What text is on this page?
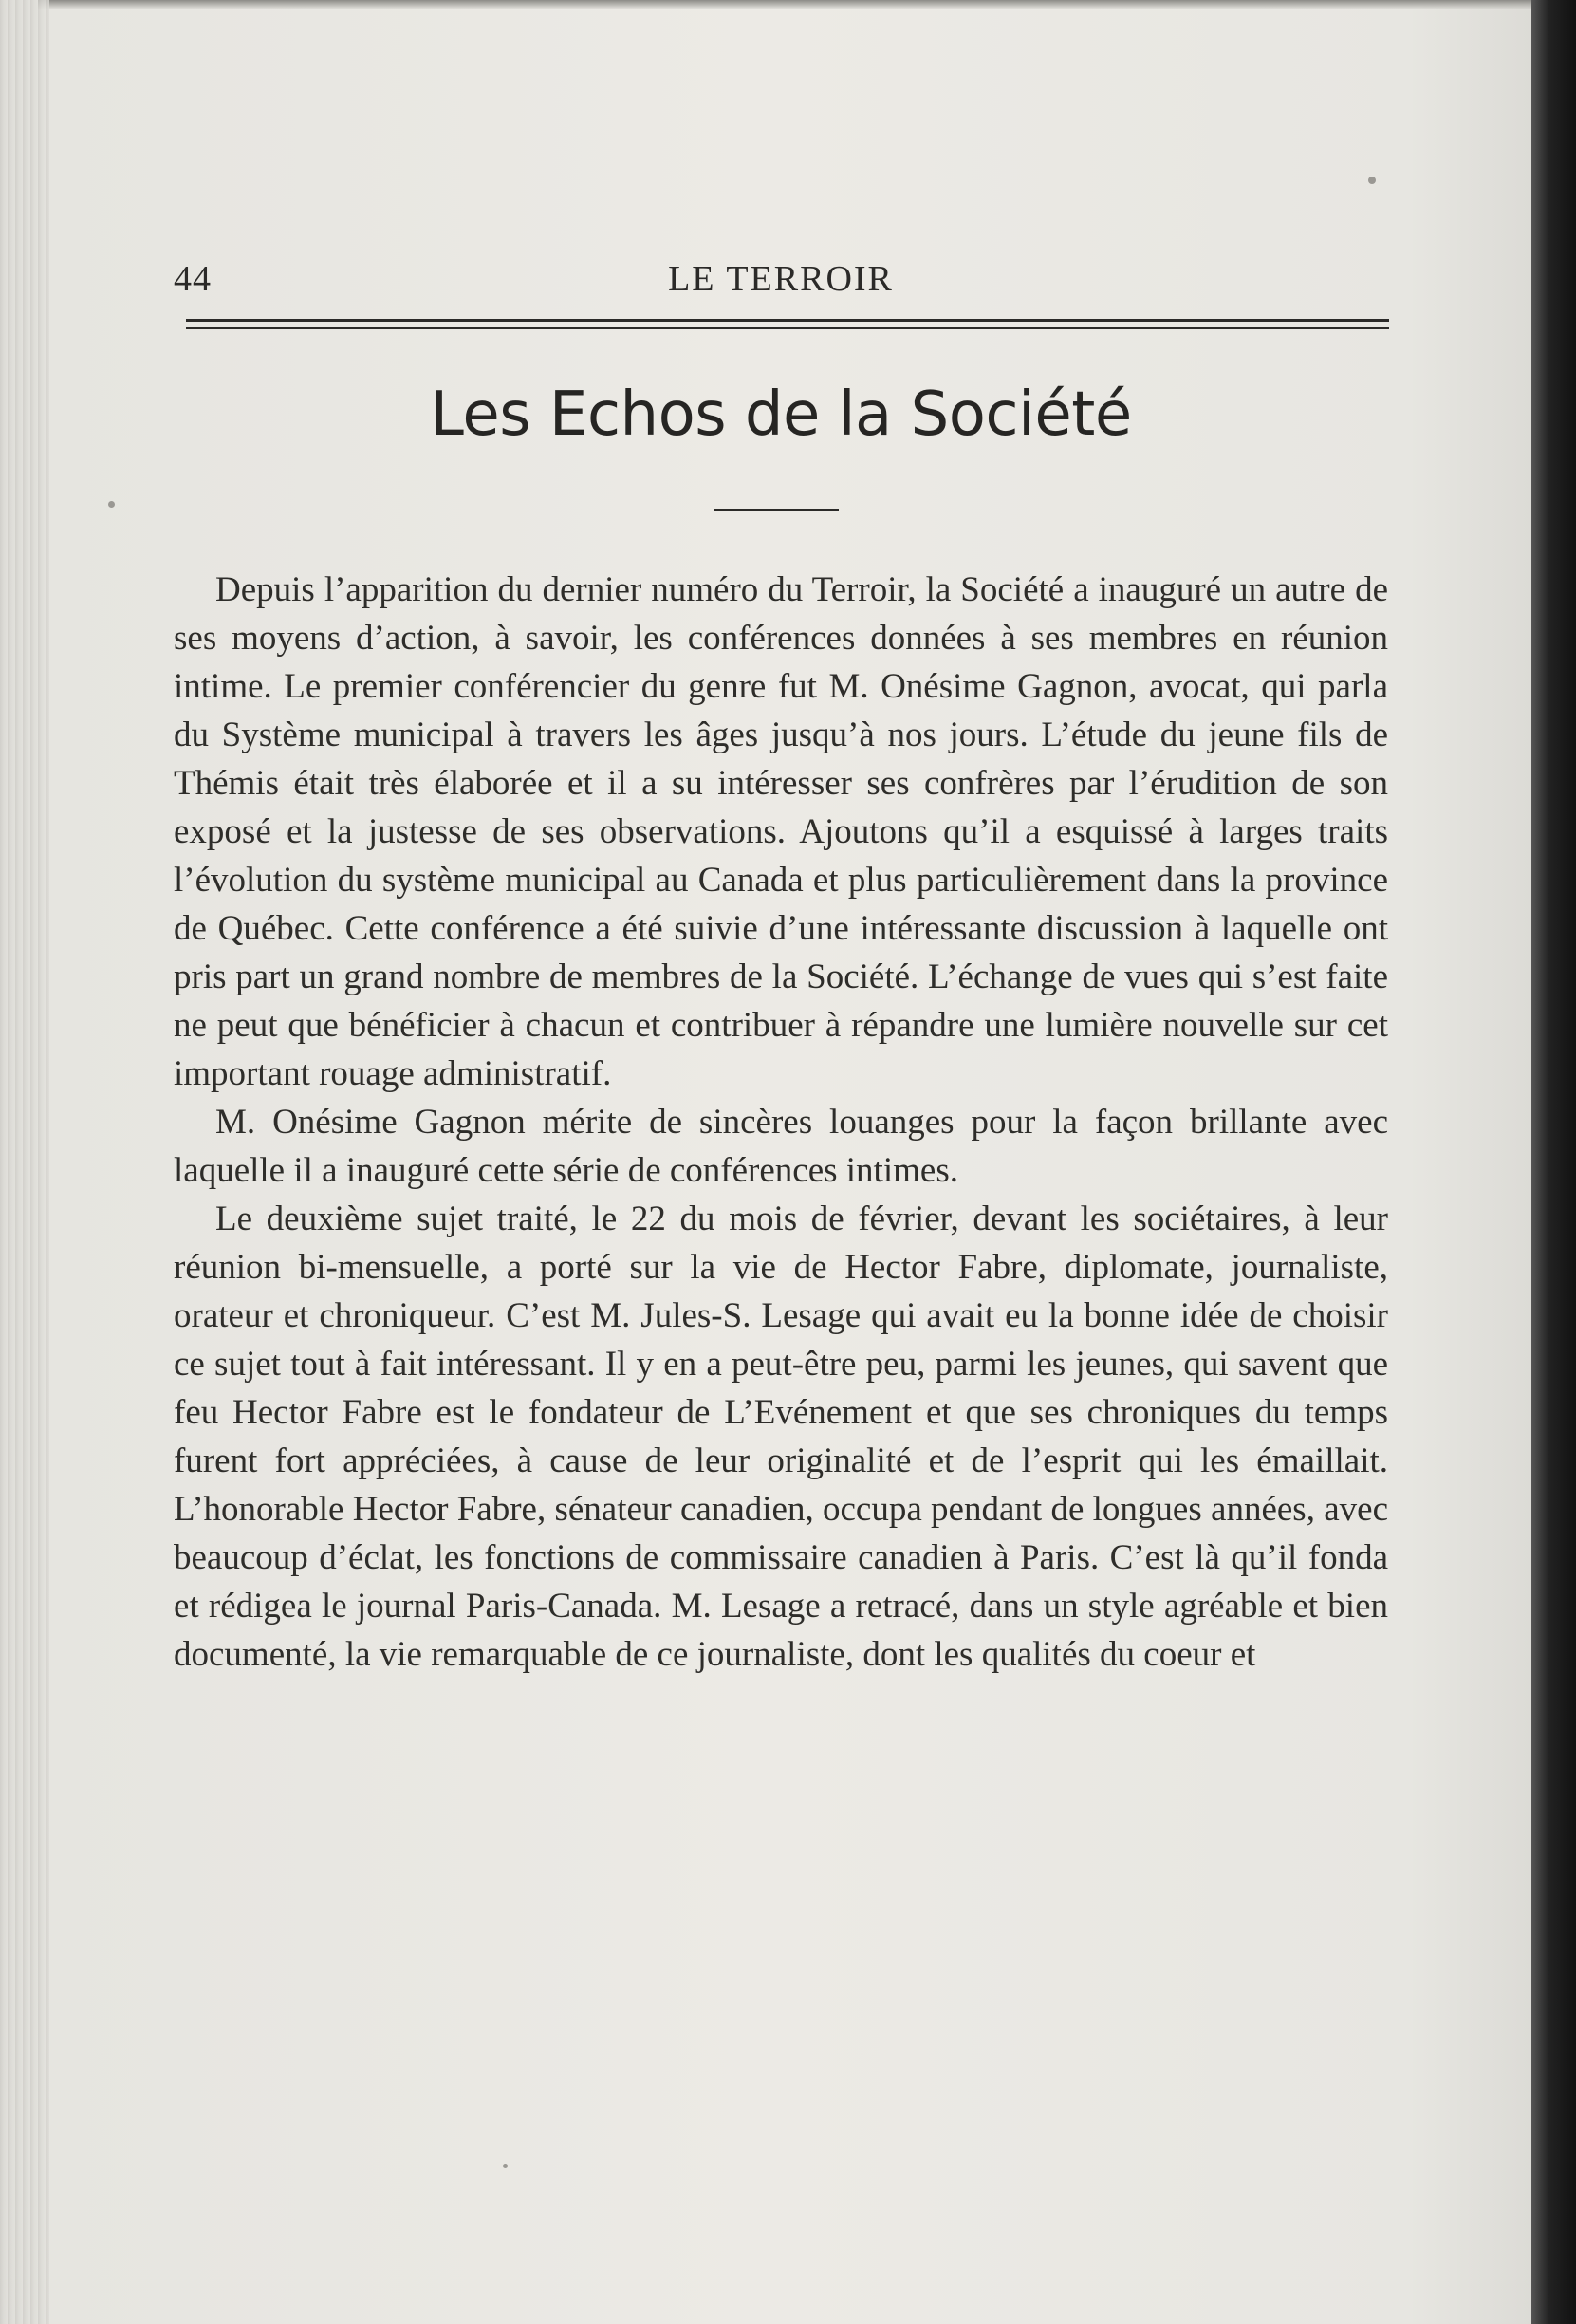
44	LE TERROIR
Les Echos de la Société

Depuis l’apparition du dernier numéro du Terroir, la Société a inauguré un autre de ses moyens d’action, à savoir, les conférences données à ses membres en réunion intime. Le premier conférencier du genre fut M. Onésime Gagnon, avocat, qui parla du Système municipal à travers les âges jusqu’à nos jours. L’étude du jeune fils de Thémis était très élaborée et il a su intéresser ses confrères par l’érudition de son exposé et la justesse de ses observations. Ajoutons qu’il a esquissé à larges traits l’évolution du système municipal au Canada et plus particulièrement dans la province de Québec. Cette conférence a été suivie d’une intéressante discussion à laquelle ont pris part un grand nombre de membres de la Société. L’échange de vues qui s’est faite ne peut que bénéficier à chacun et contribuer à répandre une lumière nouvelle sur cet important rouage administratif.

M. Onésime Gagnon mérite de sincères louanges pour la façon brillante avec laquelle il a inauguré cette série de conférences intimes.

Le deuxième sujet traité, le 22 du mois de février, devant les sociétaires, à leur réunion bi-mensuelle, a porté sur la vie de Hector Fabre, diplomate, journaliste, orateur et chroniqueur. C’est M. Jules-S. Lesage qui avait eu la bonne idée de choisir ce sujet tout à fait intéressant. Il y en a peut-être peu, parmi les jeunes, qui savent que feu Hector Fabre est le fondateur de L’Evénement et que ses chroniques du temps furent fort appréciées, à cause de leur originalité et de l’esprit qui les émaillait. L’honorable Hector Fabre, sénateur canadien, occupa pendant de longues années, avec beaucoup d’éclat, les fonctions de commissaire canadien à Paris. C’est là qu’il fonda et rédigea le journal Paris-Canada. M. Lesage a retracé, dans un style agréable et bien documenté, la vie remarquable de ce journaliste, dont les qualités du coeur et
